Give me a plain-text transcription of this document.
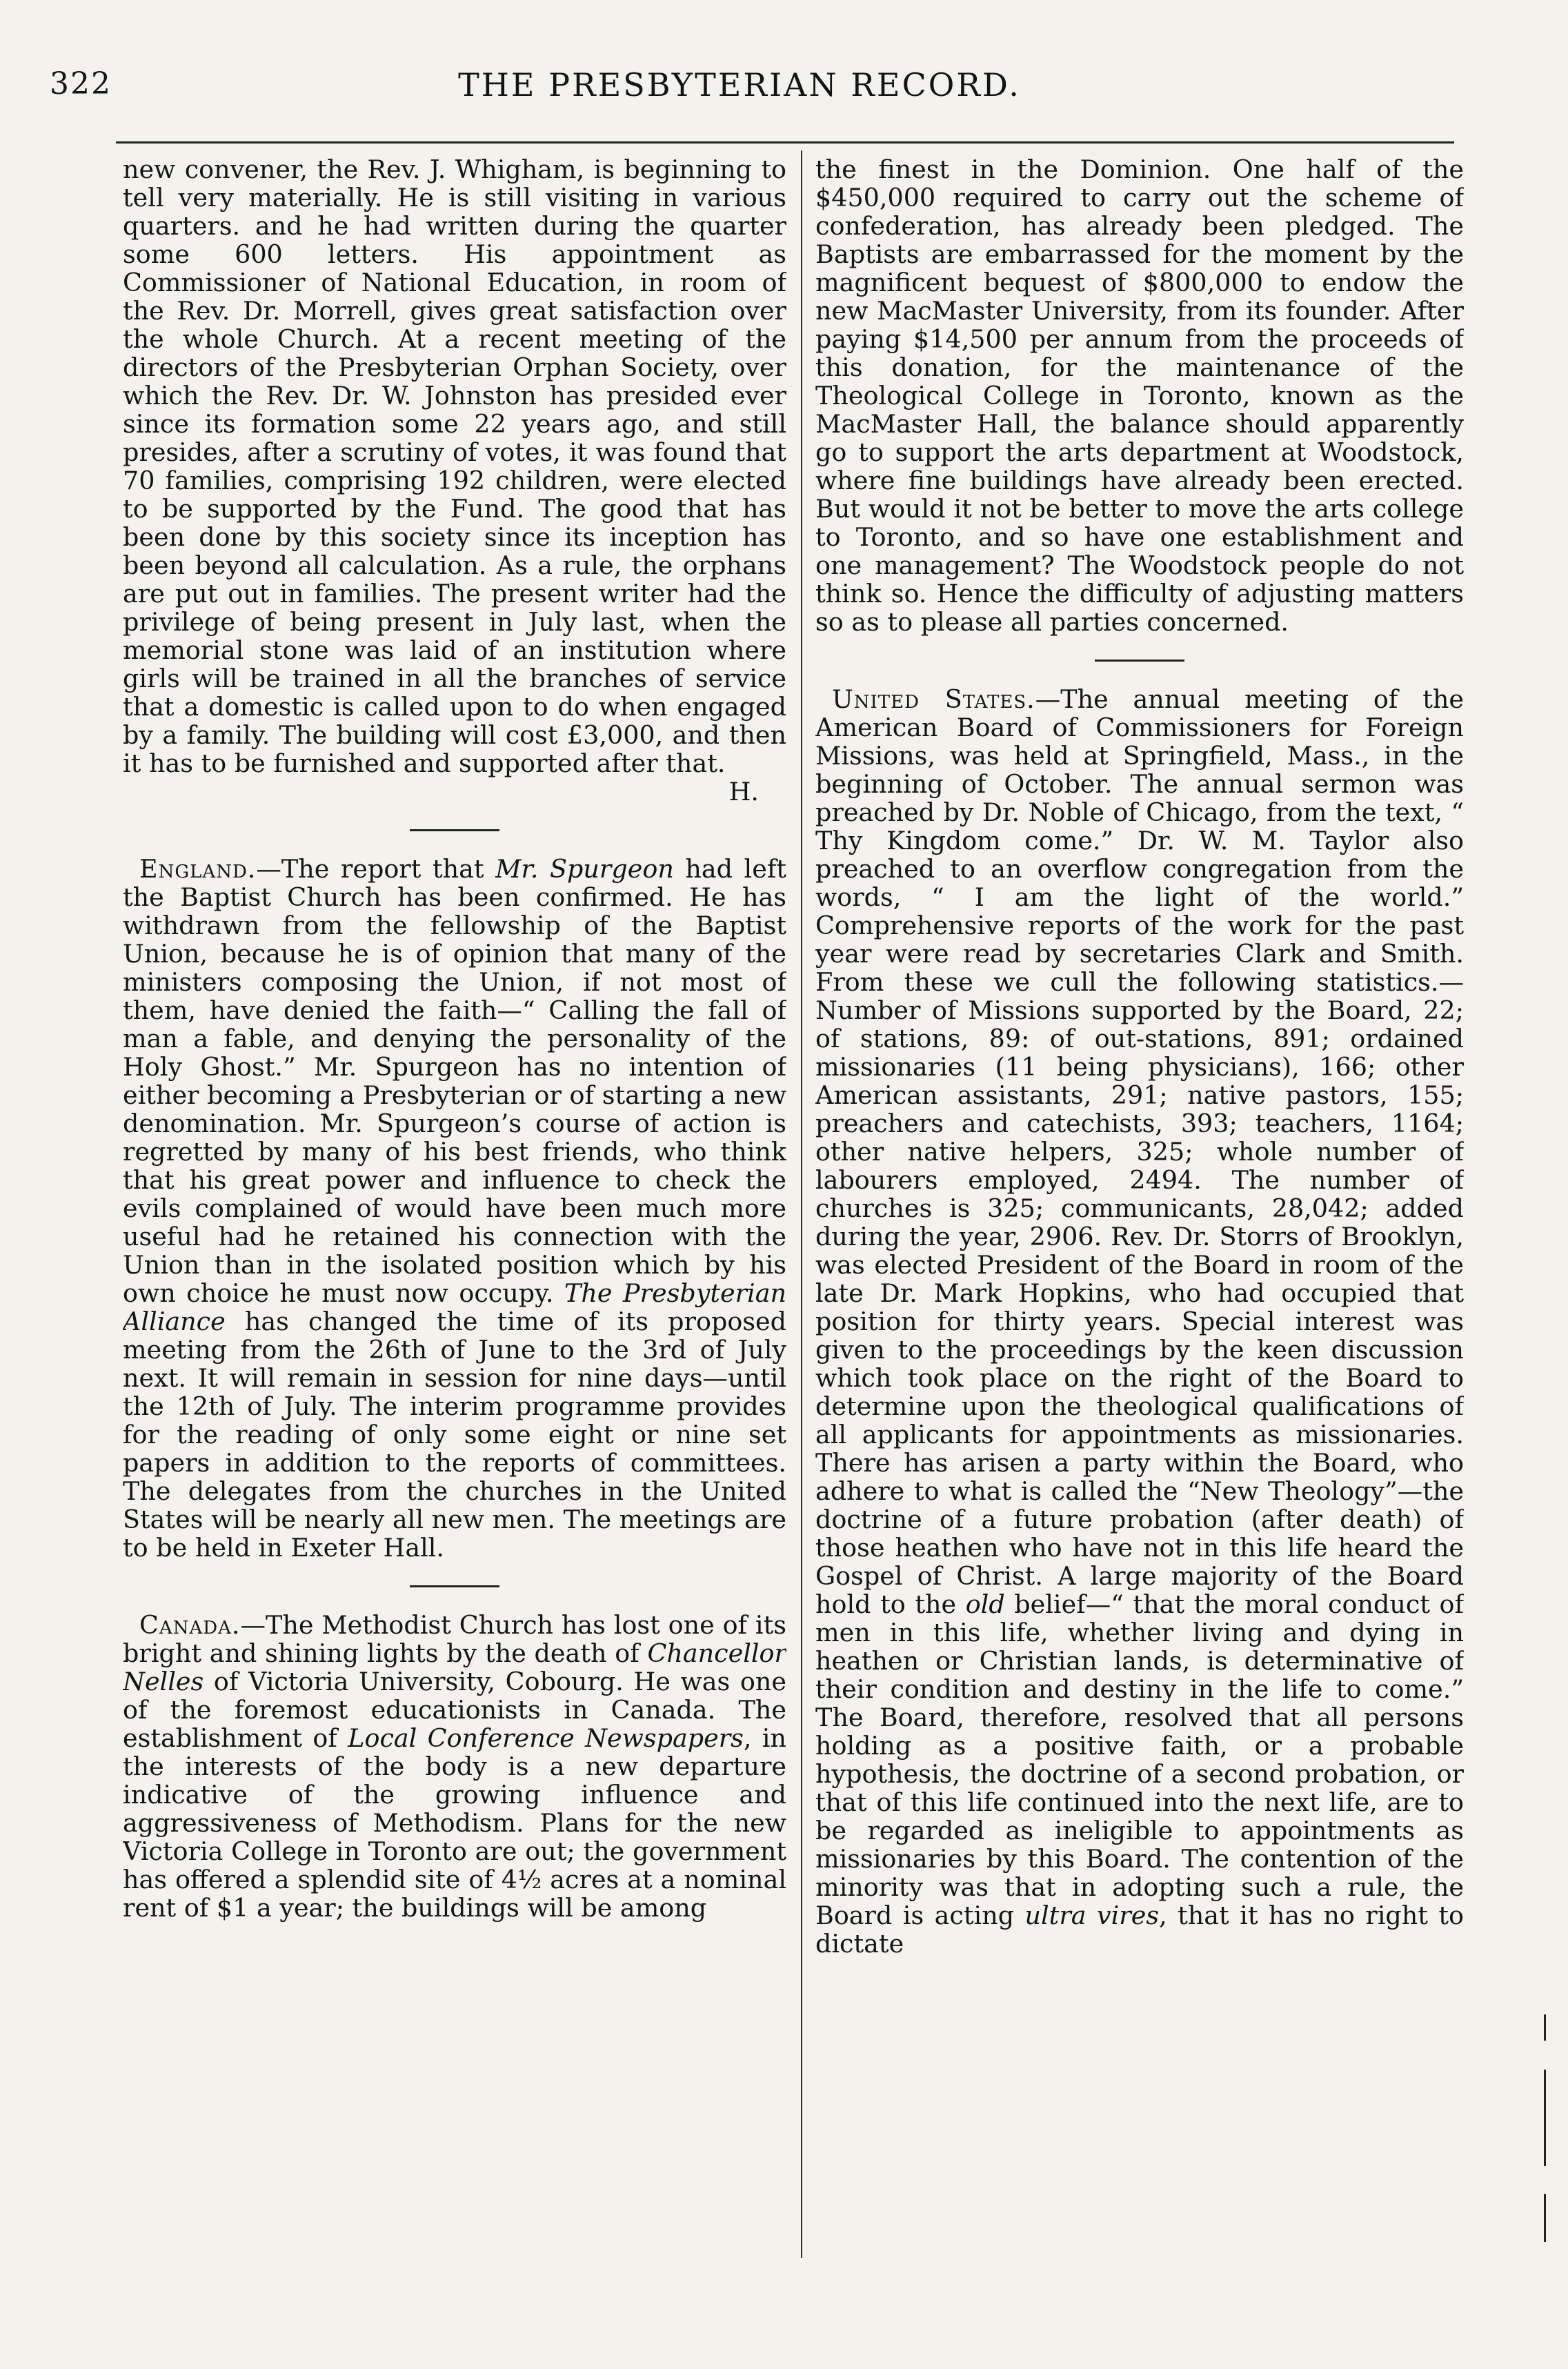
322	THE PRESBYTERIAN RECORD.

new convener, the Rev. J. Whigham, is beginning to tell very materially. He is still visiting in various quarters. and he had written during the quarter some 600 letters. His appointment as Commissioner of National Education, in room of the Rev. Dr. Morrell, gives great satisfaction over the whole Church. At a recent meeting of the directors of the Presbyterian Orphan Society, over which the Rev. Dr. W. Johnston has presided ever since its formation some 22 years ago, and still presides, after a scrutiny of votes, it was found that 70 families, comprising 192 children, were elected to be supported by the Fund. The good that has been done by this society since its inception has been beyond all calculation. As a rule, the orphans are put out in families. The present writer had the privilege of being present in July last, when the memorial stone was laid of an institution where girls will be trained in all the branches of service that a domestic is called upon to do when engaged by a family. The building will cost £3,000, and then it has to be furnished and supported after that.

H.

England.—The report that Mr. Spurgeon had left the Baptist Church has been confirmed. He has withdrawn from the fellowship of the Baptist Union, because he is of opinion that many of the ministers composing the Union, if not most of them, have denied the faith—“ Calling the fall of man a fable, and denying the personality of the Holy Ghost.” Mr. Spurgeon has no intention of either becoming a Presbyterian or of starting a new denomination. Mr. Spurgeon’s course of action is regretted by many of his best friends, who think that his great power and influence to check the evils complained of would have been much more useful had he retained his connection with the Union than in the isolated position which by his own choice he must now occupy. The Presbyterian Alliance has changed the time of its proposed meeting from the 26th of June to the 3rd of July next. It will remain in session for nine days—until the 12th of July. The interim programme provides for the reading of only some eight or nine set papers in addition to the reports of committees. The delegates from the churches in the United States will be nearly all new men. The meetings are to be held in Exeter Hall.

Canada.—The Methodist Church has lost one of its bright and shining lights by the death of Chancellor Nelles of Victoria University, Cobourg. He was one of the foremost educationists in Canada. The establishment of Local Conference Newspapers, in the interests of the body is a new departure indicative of the growing influence and aggressiveness of Methodism. Plans for the new Victoria College in Toronto are out; the government has offered a splendid site of 4½ acres at a nominal rent of $1 a year; the buildings will be among

the finest in the Dominion. One half of the $450,000 required to carry out the scheme of confederation, has already been pledged. The Baptists are embarrassed for the moment by the magnificent bequest of $800,000 to endow the new MacMaster University, from its founder. After paying $14,500 per annum from the proceeds of this donation, for the maintenance of the Theological College in Toronto, known as the MacMaster Hall, the balance should apparently go to support the arts department at Woodstock, where fine buildings have already been erected. But would it not be better to move the arts college to Toronto, and so have one establishment and one management? The Woodstock people do not think so. Hence the difficulty of adjusting matters so as to please all parties concerned.

United States.—The annual meeting of the American Board of Commissioners for Foreign Missions, was held at Springfield, Mass., in the beginning of October. The annual sermon was preached by Dr. Noble of Chicago, from the text, “ Thy Kingdom come.” Dr. W. M. Taylor also preached to an overflow congregation from the words, “ I am the light of the world.” Comprehensive reports of the work for the past year were read by secretaries Clark and Smith. From these we cull the following statistics.—Number of Missions supported by the Board, 22; of stations, 89: of out-stations, 891; ordained missionaries (11 being physicians), 166; other American assistants, 291; native pastors, 155; preachers and catechists, 393; teachers, 1164; other native helpers, 325; whole number of labourers employed, 2494. The number of churches is 325; communicants, 28,042; added during the year, 2906. Rev. Dr. Storrs of Brooklyn, was elected President of the Board in room of the late Dr. Mark Hopkins, who had occupied that position for thirty years. Special interest was given to the proceedings by the keen discussion which took place on the right of the Board to determine upon the theological qualifications of all applicants for appointments as missionaries. There has arisen a party within the Board, who adhere to what is called the “New Theology”—the doctrine of a future probation (after death) of those heathen who have not in this life heard the Gospel of Christ. A large majority of the Board hold to the old belief—“ that the moral conduct of men in this life, whether living and dying in heathen or Christian lands, is determinative of their condition and destiny in the life to come.” The Board, therefore, resolved that all persons holding as a positive faith, or a probable hypothesis, the doctrine of a second probation, or that of this life continued into the next life, are to be regarded as ineligible to appointments as missionaries by this Board. The contention of the minority was that in adopting such a rule, the Board is acting ultra vires, that it has no right to dictate
